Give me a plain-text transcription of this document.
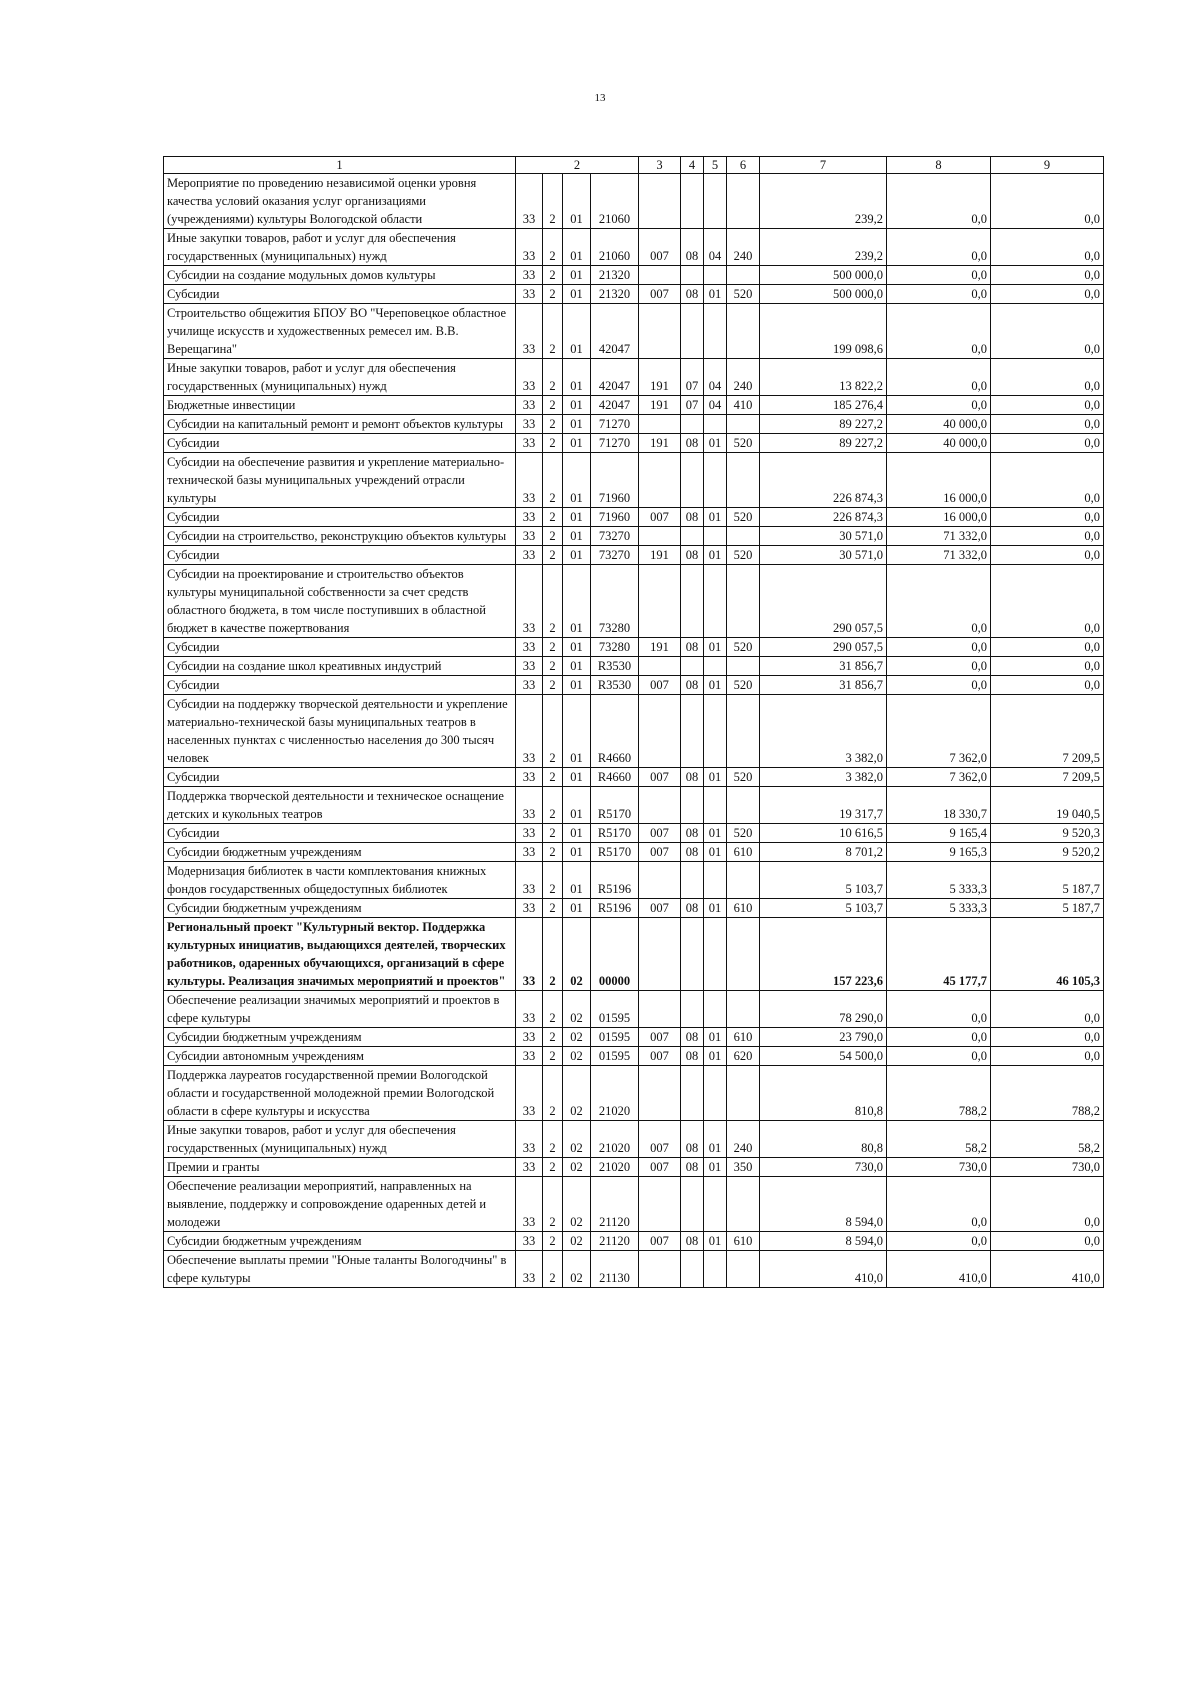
13
1	2				3	4	5	6	7	8	9
Мероприятие по проведению независимой оценки уровня качества условий оказания услуг организациями (учреждениями) культуры Вологодской области	33	2	01	21060					239,2	0,0	0,0
Иные закупки товаров, работ и услуг для обеспечения государственных (муниципальных) нужд	33	2	01	21060	007	08	04	240	239,2	0,0	0,0
Субсидии на создание модульных домов культуры	33	2	01	21320					500 000,0	0,0	0,0
Субсидии	33	2	01	21320	007	08	01	520	500 000,0	0,0	0,0
Строительство общежития БПОУ ВО "Череповецкое областное училище искусств и художественных ремесел им. В.В. Верещагина"	33	2	01	42047					199 098,6	0,0	0,0
Иные закупки товаров, работ и услуг для обеспечения государственных (муниципальных) нужд	33	2	01	42047	191	07	04	240	13 822,2	0,0	0,0
Бюджетные инвестиции	33	2	01	42047	191	07	04	410	185 276,4	0,0	0,0
Субсидии на капитальный ремонт и ремонт объектов культуры	33	2	01	71270					89 227,2	40 000,0	0,0
Субсидии	33	2	01	71270	191	08	01	520	89 227,2	40 000,0	0,0
Субсидии на обеспечение развития и укрепление материально-технической базы муниципальных учреждений отрасли культуры	33	2	01	71960					226 874,3	16 000,0	0,0
Субсидии	33	2	01	71960	007	08	01	520	226 874,3	16 000,0	0,0
Субсидии на строительство, реконструкцию объектов культуры	33	2	01	73270					30 571,0	71 332,0	0,0
Субсидии	33	2	01	73270	191	08	01	520	30 571,0	71 332,0	0,0
Субсидии на проектирование и строительство объектов культуры муниципальной собственности за счет средств областного бюджета, в том числе поступивших в областной бюджет в качестве пожертвования	33	2	01	73280					290 057,5	0,0	0,0
Субсидии	33	2	01	73280	191	08	01	520	290 057,5	0,0	0,0
Субсидии на создание школ креативных индустрий	33	2	01	R3530					31 856,7	0,0	0,0
Субсидии	33	2	01	R3530	007	08	01	520	31 856,7	0,0	0,0
Субсидии на поддержку творческой деятельности и укрепление материально-технической базы муниципальных театров в населенных пунктах с численностью населения до 300 тысяч человек	33	2	01	R4660					3 382,0	7 362,0	7 209,5
Субсидии	33	2	01	R4660	007	08	01	520	3 382,0	7 362,0	7 209,5
Поддержка творческой деятельности и техническое оснащение детских и кукольных театров	33	2	01	R5170					19 317,7	18 330,7	19 040,5
Субсидии	33	2	01	R5170	007	08	01	520	10 616,5	9 165,4	9 520,3
Субсидии бюджетным учреждениям	33	2	01	R5170	007	08	01	610	8 701,2	9 165,3	9 520,2
Модернизация библиотек в части комплектования книжных фондов государственных общедоступных библиотек	33	2	01	R5196					5 103,7	5 333,3	5 187,7
Субсидии бюджетным учреждениям	33	2	01	R5196	007	08	01	610	5 103,7	5 333,3	5 187,7
Региональный проект "Культурный вектор. Поддержка культурных инициатив, выдающихся деятелей, творческих работников, одаренных обучающихся, организаций в сфере культуры. Реализация значимых мероприятий и проектов"	33	2	02	00000					157 223,6	45 177,7	46 105,3
Обеспечение реализации значимых мероприятий и проектов в сфере культуры	33	2	02	01595					78 290,0	0,0	0,0
Субсидии бюджетным учреждениям	33	2	02	01595	007	08	01	610	23 790,0	0,0	0,0
Субсидии автономным учреждениям	33	2	02	01595	007	08	01	620	54 500,0	0,0	0,0
Поддержка лауреатов государственной премии Вологодской области и государственной молодежной премии Вологодской области в сфере культуры и искусства	33	2	02	21020					810,8	788,2	788,2
Иные закупки товаров, работ и услуг для обеспечения государственных (муниципальных) нужд	33	2	02	21020	007	08	01	240	80,8	58,2	58,2
Премии и гранты	33	2	02	21020	007	08	01	350	730,0	730,0	730,0
Обеспечение реализации мероприятий, направленных на выявление, поддержку и сопровождение одаренных детей и молодежи	33	2	02	21120					8 594,0	0,0	0,0
Субсидии бюджетным учреждениям	33	2	02	21120	007	08	01	610	8 594,0	0,0	0,0
Обеспечение выплаты премии "Юные таланты Вологодчины" в сфере культуры	33	2	02	21130					410,0	410,0	410,0
